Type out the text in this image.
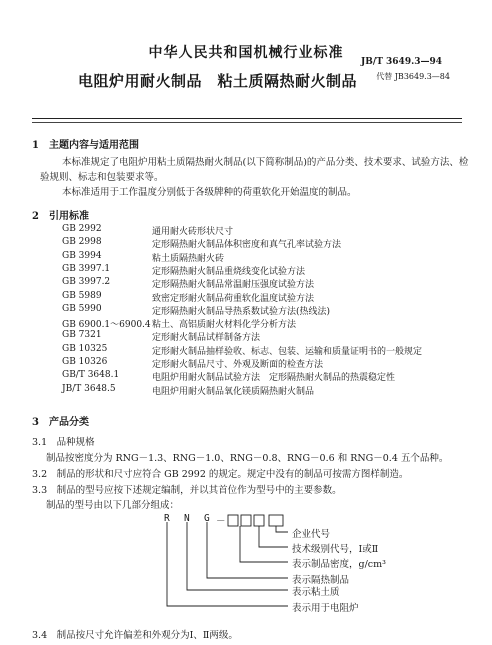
中华人民共和国机械行业标准
JB/T 3649.3—94
代替 JB3649.3—84
电阻炉用耐火制品　粘土质隔热耐火制品
1　主题内容与适用范围
本标准规定了电阻炉用粘土质隔热耐火制品(以下简称制品)的产品分类、技术要求、试验方法、检
验规则、标志和包装要求等。
本标准适用于工作温度分别低于各级牌种的荷重软化开始温度的制品。
2　引用标准
GB 2992	通用耐火砖形状尺寸
GB 2998	定形隔热耐火制品体积密度和真气孔率试验方法
GB 3994	粘土质隔热耐火砖
GB 3997.1	定形隔热耐火制品重烧线变化试验方法
GB 3997.2	定形隔热耐火制品常温耐压强度试验方法
GB 5989	致密定形耐火制品荷重软化温度试验方法
GB 5990	定形隔热耐火制品导热系数试验方法(热线法)
GB 6900.1～6900.4 粘土、高铝质耐火材料化学分析方法
GB 7321	定形耐火制品试样制备方法
GB 10325	定形耐火制品抽样验收、标志、包装、运输和质量证明书的一般规定
GB 10326	定形耐火制品尺寸、外观及断面的检查方法
GB/T 3648.1	电阻炉用耐火制品试验方法　定形隔热耐火制品的热震稳定性
JB/T 3648.5	电阻炉用耐火制品氧化镁质隔热耐火制品
3　产品分类
3.1　品种规格
制品按密度分为 RNG－1.3、RNG－1.0、RNG－0.8、RNG－0.6 和 RNG－0.4 五个品种。
3.2　制品的形状和尺寸应符合 GB 2992 的规定。规定中没有的制品可按需方图样制造。
3.3　制品的型号应按下述规定编制，并以其首位作为型号中的主要参数。
制品的型号由以下几部分组成：
R N G －
企业代号
技术级别代号，Ⅰ或Ⅱ
表示制品密度，g/cm³
表示隔热制品
表示粘土质
表示用于电阻炉
3.4　制品按尺寸允许偏差和外观分为Ⅰ、Ⅱ两级。
